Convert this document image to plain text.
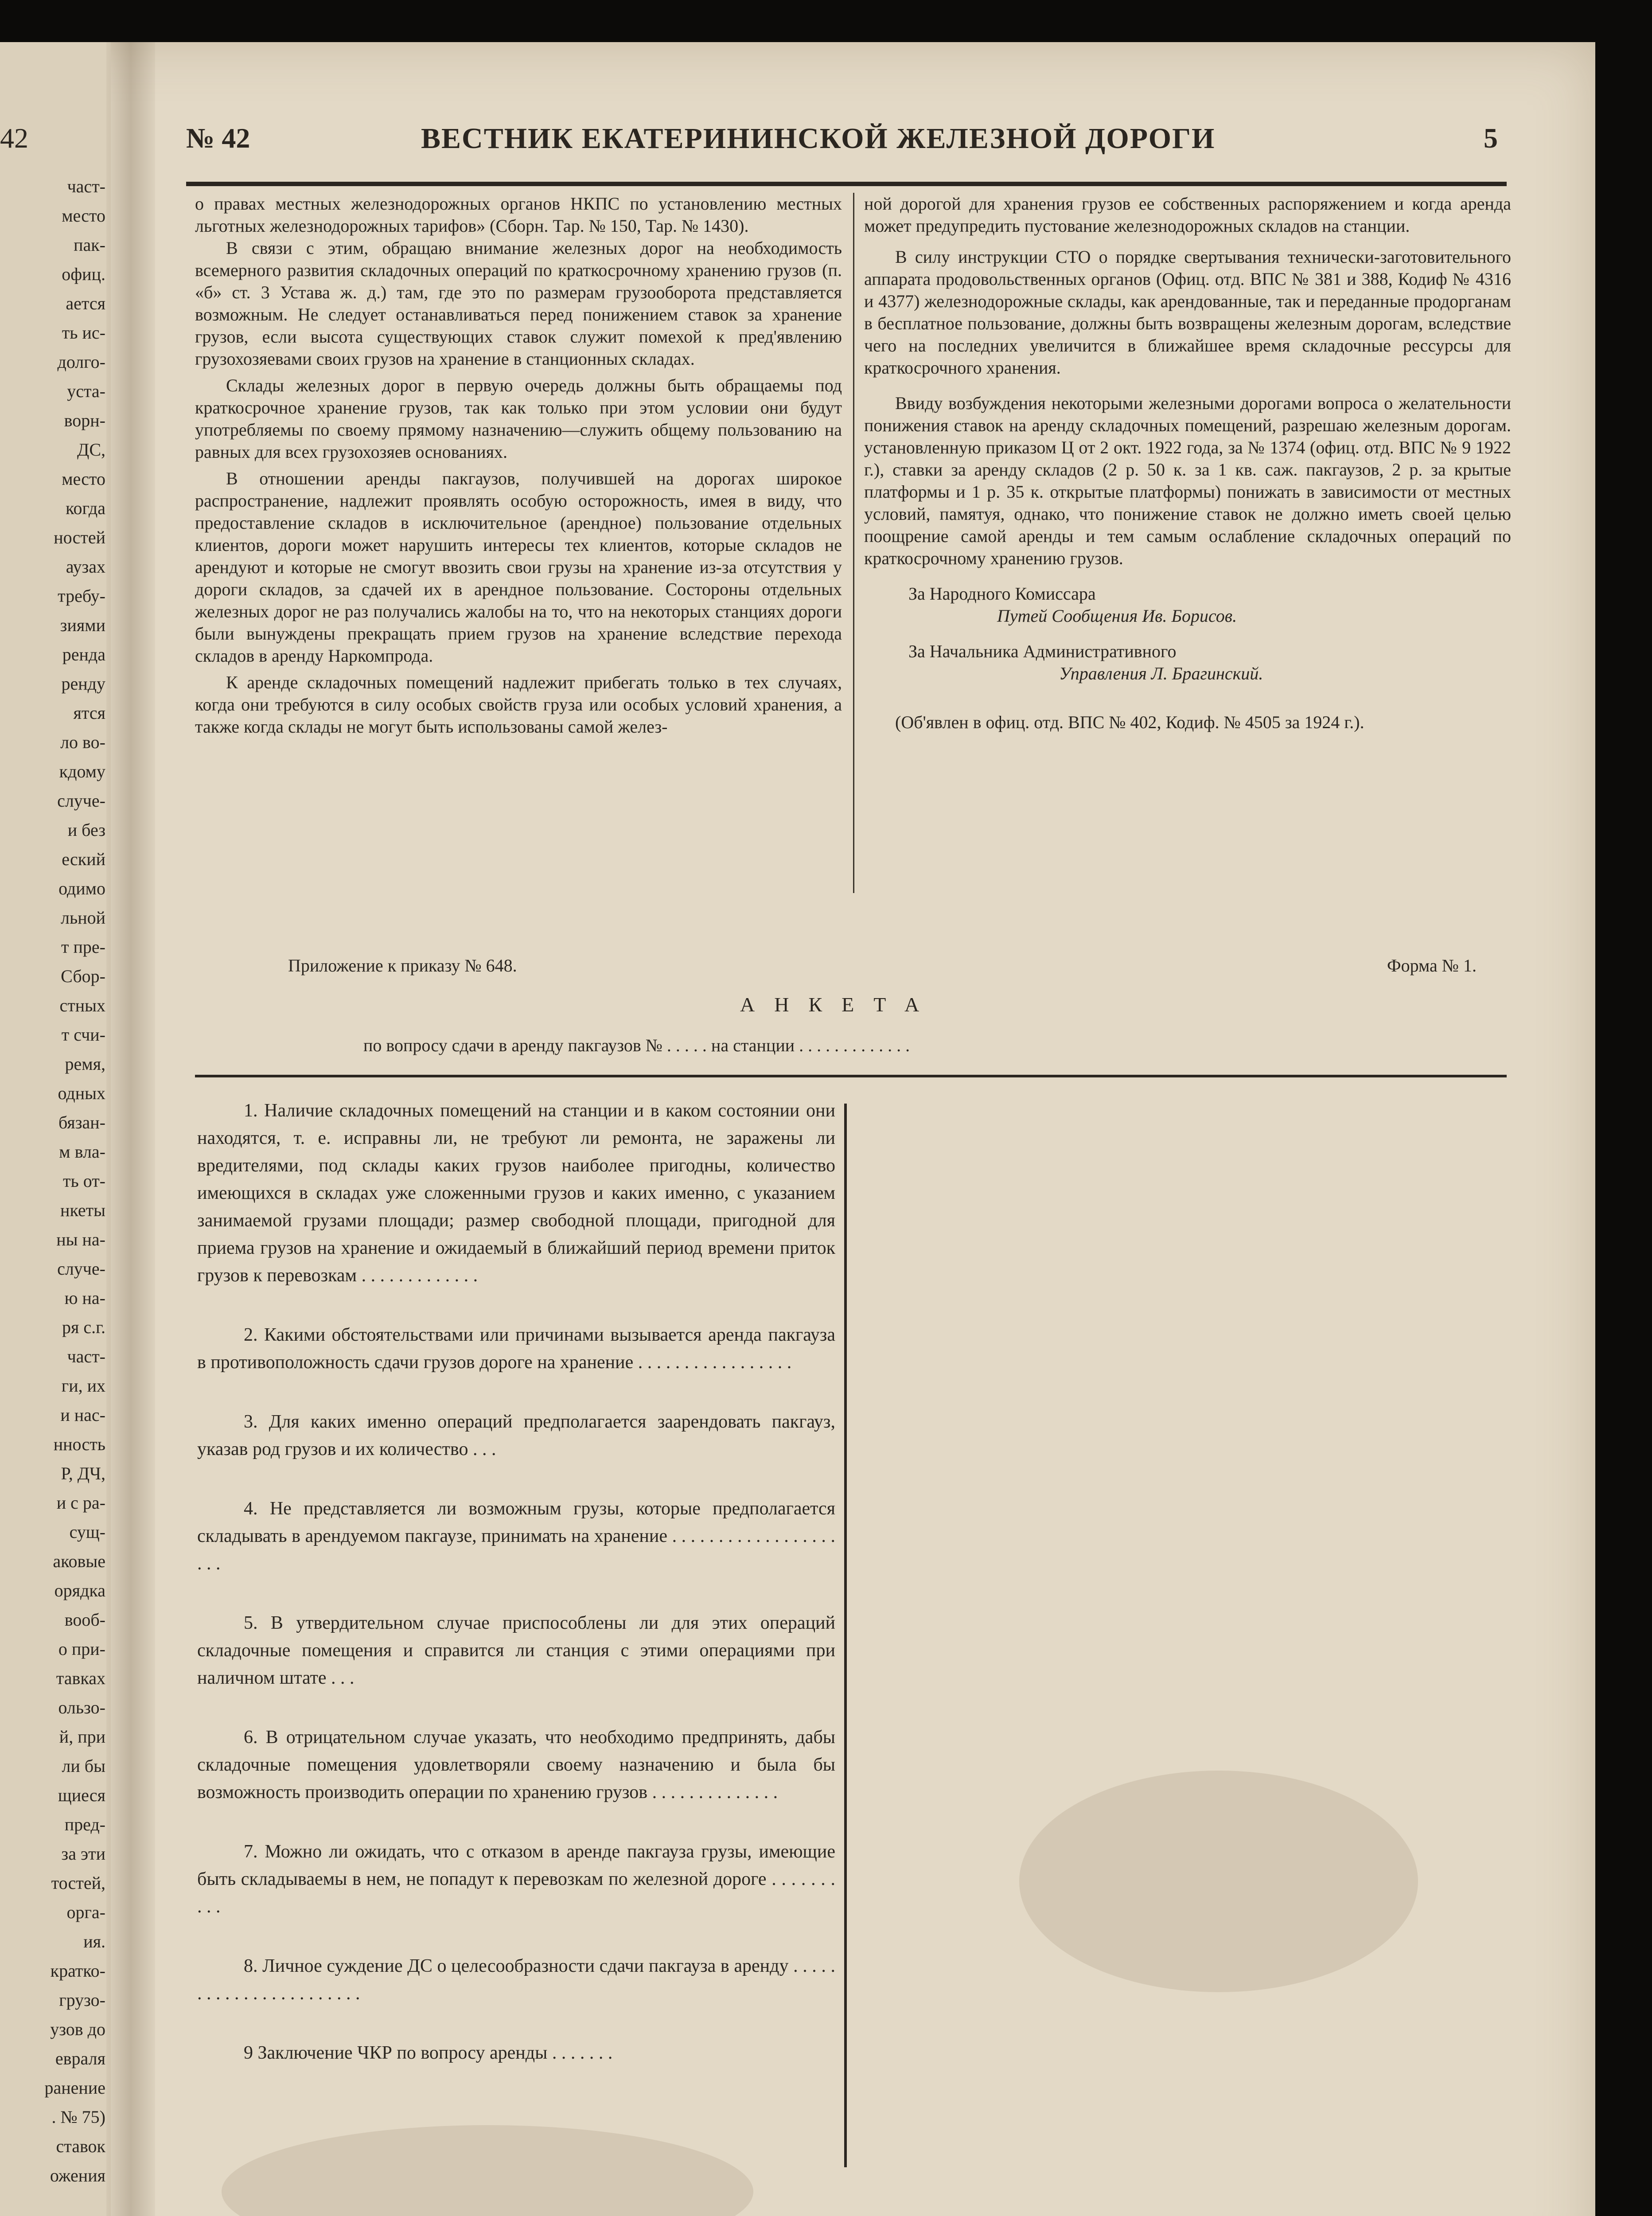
42
част-
место
пак-
офиц.
ается
ть ис-
долго-
уста-
ворн-
ДС,
место
когда
ностей
аузах
требу-
зиями
ренда
ренду
ятся
ло во-
кдому
случе-
и без
еский
одимо
льной
т пре-
Сбор-
стных
т счи-
ремя,
одных
бязан-
м вла-
ть от-
нкеты
ны на-
случе-
ю на-
ря с.г.
част-
ги, их
и нас-
нность
Р, ДЧ,
и с ра-
сущ-
аковые
орядка
вооб-
о при-
тавках
ользо-
й, при
ли бы
щиеся
пред-
за эти
тостей,
орга-
ия.
кратко-
грузо-
узов до
евраля
ранение
. № 75)
ставок
ожения
№ 42	ВЕСТНИК ЕКАТЕРИНИНСКОЙ ЖЕЛЕЗНОЙ ДОРОГИ	5

о правах местных железнодорожных органов НКПС по установлению местных льготных железнодорожных тарифов» (Сборн. Тар. № 150, Тар. № 1430).

В связи с этим, обращаю внимание железных дорог на необходимость всемерного развития складочных операций по краткосрочному хранению грузов (п. «б» ст. 3 Устава ж. д.) там, где это по размерам грузооборота представляется возможным. Не следует останавливаться перед понижением ставок за хранение грузов, если высота существующих ставок служит помехой к пред'явлению грузохозяевами своих грузов на хранение в станционных складах.

Склады железных дорог в первую очередь должны быть обращаемы под краткосрочное хранение грузов, так как только при этом условии они будут употребляемы по своему прямому назначению—служить общему пользованию на равных для всех грузохозяев основаниях.

В отношении аренды пакгаузов, получившей на дорогах широкое распространение, надлежит проявлять особую осторожность, имея в виду, что предоставление складов в исключительное (арендное) пользование отдельных клиентов, дороги может нарушить интересы тех клиентов, которые складов не арендуют и которые не смогут ввозить свои грузы на хранение из-за отсутствия у дороги складов, за сдачей их в арендное пользование. Состороны отдельных железных дорог не раз получались жалобы на то, что на некоторых станциях дороги были вынуждены прекращать прием грузов на хранение вследствие перехода складов в аренду Наркомпрода.

К аренде складочных помещений надлежит прибегать только в тех случаях, когда они требуются в силу особых свойств груза или особых условий хранения, а также когда склады не могут быть использованы самой желез-

ной дорогой для хранения грузов ее собственных распоряжением и когда аренда может предупредить пустование железнодорожных складов на станции.

В силу инструкции СТО о порядке свертывания технически-заготовительного аппарата продовольственных органов (Офиц. отд. ВПС № 381 и 388, Кодиф № 4316 и 4377) железнодорожные склады, как арендованные, так и переданные продорганам в бесплатное пользование, должны быть возвращены железным дорогам, вследствие чего на последних увеличится в ближайшее время складочные рессурсы для краткосрочного хранения.

Ввиду возбуждения некоторыми железными дорогами вопроса о желательности понижения ставок на аренду складочных помещений, разрешаю железным дорогам. установленную приказом Ц от 2 окт. 1922 года, за № 1374 (офиц. отд. ВПС № 9 1922 г.), ставки за аренду складов (2 р. 50 к. за 1 кв. саж. пакгаузов, 2 р. за крытые платформы и 1 р. 35 к. открытые платформы) понижать в зависимости от местных условий, памятуя, однако, что понижение ставок не должно иметь своей целью поощрение самой аренды и тем самым ослабление складочных операций по краткосрочному хранению грузов.

За Народного Комиссара

Путей Сообщения Ив. Борисов.

За Начальника Административного

Управления Л. Брагинский.

(Об'явлен в офиц. отд. ВПС № 402, Кодиф. № 4505 за 1924 г.).

Приложение к приказу № 648.	Форма № 1.
АНКЕТА
по вопросу сдачи в аренду пакгаузов № . . . . . на станции . . . . . . . . . . . . .

1. Наличие складочных помещений на станции и в каком состоянии они находятся, т. е. исправны ли, не требуют ли ремонта, не заражены ли вредителями, под склады каких грузов наиболее пригодны, количество имеющихся в складах уже сложенными грузов и каких именно, с указанием занимаемой грузами площади; размер свободной площади, пригодной для приема грузов на хранение и ожидаемый в ближайший период времени приток грузов к перевозкам . . . . . . . . . . . . .

2. Какими обстоятельствами или причинами вызывается аренда пакгауза в противоположность сдачи грузов дороге на хранение . . . . . . . . . . . . . . . . .

3. Для каких именно операций предполагается заарендовать пакгауз, указав род грузов и их количество . . .

4. Не представляется ли возможным грузы, которые предполагается складывать в арендуемом пакгаузе, принимать на хранение . . . . . . . . . . . . . . . . . . . . .

5. В утвердительном случае приспособлены ли для этих операций складочные помещения и справится ли станция с этими операциями при наличном штате . . .

6. В отрицательном случае указать, что необходимо предпринять, дабы складочные помещения удовлетворяли своему назначению и была бы возможность производить операции по хранению грузов . . . . . . . . . . . . . .

7. Можно ли ожидать, что с отказом в аренде пакгауза грузы, имеющие быть складываемы в нем, не попадут к перевозкам по железной дороге . . . . . . . . . .

8. Личное суждение ДС о целесообразности сдачи пакгауза в аренду . . . . . . . . . . . . . . . . . . . . . . .

9 Заключение ЧКР по вопросу аренды . . . . . . .
